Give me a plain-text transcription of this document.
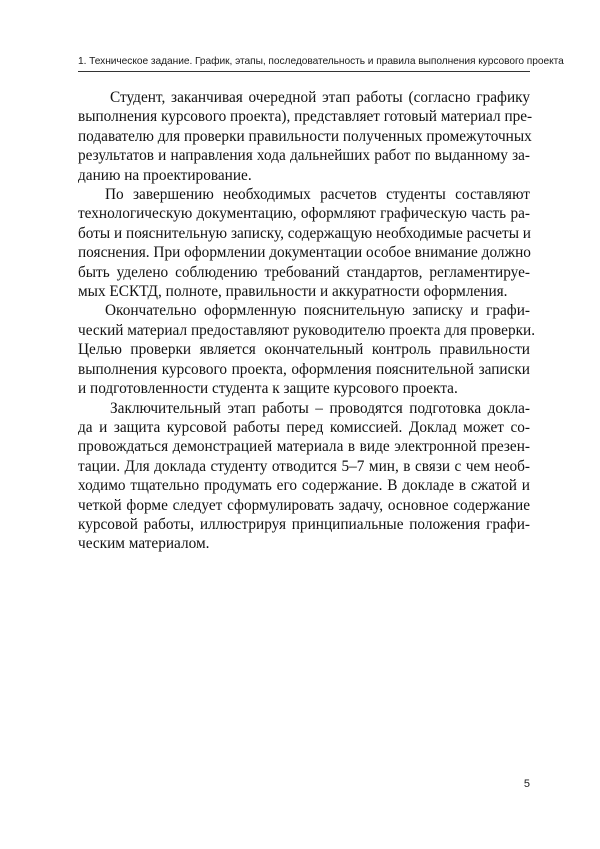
1. Техническое задание. График, этапы, последовательность и правила выполнения курсового проекта
Студент, заканчивая очередной этап работы (согласно графику
выполнения курсового проекта), представляет готовый материал пре-
подавателю для проверки правильности полученных промежуточных
результатов и направления хода дальнейших работ по выданному за-
данию на проектирование.
По завершению необходимых расчетов студенты составляют
технологическую документацию, оформляют графическую часть ра-
боты и пояснительную записку, содержащую необходимые расчеты и
пояснения. При оформлении документации особое внимание должно
быть уделено соблюдению требований стандартов, регламентируе-
мых ЕСКТД, полноте, правильности и аккуратности оформления.
Окончательно оформленную пояснительную записку и графи-
ческий материал предоставляют руководителю проекта для проверки.
Целью проверки является окончательный контроль правильности
выполнения курсового проекта, оформления пояснительной записки
и подготовленности студента к защите курсового проекта.
Заключительный этап работы – проводятся подготовка докла-
да и защита курсовой работы перед комиссией. Доклад может со-
провождаться демонстрацией материала в виде электронной презен-
тации. Для доклада студенту отводится 5–7 мин, в связи с чем необ-
ходимо тщательно продумать его содержание. В докладе в сжатой и
четкой форме следует сформулировать задачу, основное содержание
курсовой работы, иллюстрируя принципиальные положения графи-
ческим материалом.
5
